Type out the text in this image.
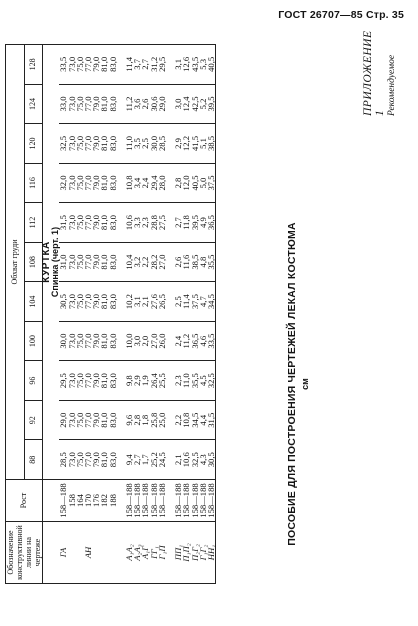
ГОСТ 26707—85 Стр. 35
ПРИЛОЖЕНИЕ 1 Рекомендуемое
ПОСОБИЕ ДЛЯ ПОСТРОЕНИЯ ЧЕРТЕЖЕЙ ЛЕКАЛ КОСТЮМА см
Обозначение конструктивной линии на чертеже	Рост	Обхват груди										
		88	92	96	100	104	108	112	116	120	124	128
		КУРТКА										
		Спинка (черт. 1)										
ГА	158—188	28,5	29,0	29,5	30,0	30,5	31,0	31,5	32,0	32,5	33,0	33,5
	158	73,0	73,0	73,0	73,0	73,0	73,0	73,0	73,0	73,0	73,0	73,0
	164	75,0	75,0	75,0	75,0	75,0	75,0	75,0	75,0	75,0	75,0	75,0
АН	170	77,0	77,0	77,0	77,0	77,0	77,0	77,0	77,0	77,0	77,0	77,0
	176	79,0	79,0	79,0	79,0	79,0	79,0	79,0	79,0	79,0	79,0	79,0
	182	81,0	81,0	81,0	81,0	81,0	81,0	81,0	81,0	81,0	81,0	81,0
	188	83,0	83,0	83,0	83,0	83,0	83,0	83,0	83,0	83,0	83,0	83,0

A₁A₂	158—188	9,4	9,6	9,8	10,0	10,2	10,4	10,6	10,8	11,0	11,2	11,4
A₂A₃	158—188	2,7	2,8	2,9	3,0	3,1	3,2	3,3	3,4	3,5	3,6	3,7
A₁Г	158—188	1,7	1,8	1,9	2,0	2,1	2,2	2,3	2,4	2,5	2,6	2,7
ГГ₁	158—188	25,2	25,8	26,4	27,0	27,6	28,2	28,8	29,4	30,0	30,6	31,2
Г₁П	158—188	24,5	25,0	25,5	26,0	26,5	27,0	27,5	28,0	28,5	29,0	29,5

ПП₁	158—188	2,1	2,2	2,3	2,4	2,5	2,6	2,7	2,8	2,9	3,0	3,1
П₁П₂	158—188	10,6	10,8	11,0	11,2	11,4	11,6	11,8	12,0	12,2	12,4	12,6
П₂Г₂	158—188	32,5	34,5	35,5	36,5	37,5	38,5	39,5	40,5	41,5	42,5	43,5
Г₁Г₂	158—188	4,3	4,4	4,5	4,6	4,7	4,8	4,9	5,0	5,1	5,2	5,3
НН₁	158—188	30,5	31,5	32,5	33,5	34,5	35,5	36,5	37,5	38,5	39,5	40,5
